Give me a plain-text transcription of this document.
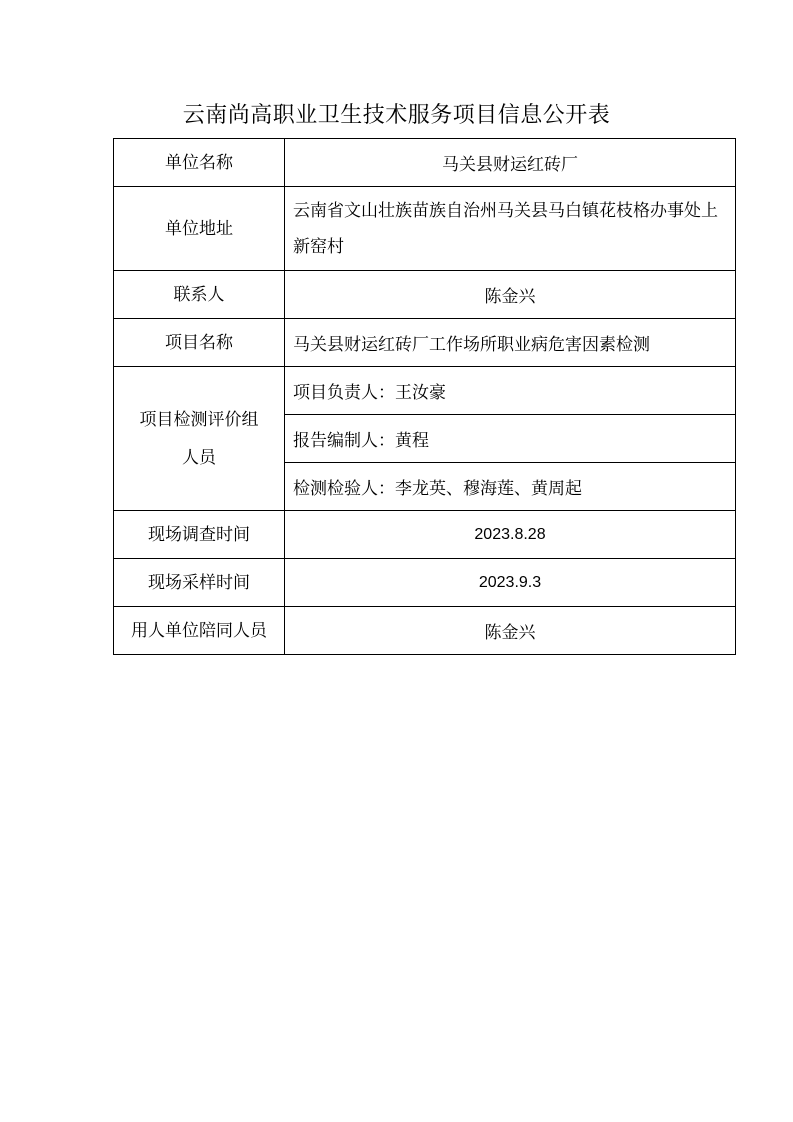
云南尚高职业卫生技术服务项目信息公开表
单位名称	马关县财运红砖厂
单位地址	云南省文山壮族苗族自治州马关县马白镇花枝格办事处上新窑村

联系人	陈金兴
项目名称	马关县财运红砖厂工作场所职业病危害因素检测
项目检测评价组人员	项目负责人：王汝豪
	报告编制人：黄程
	检测检验人：李龙英、穆海莲、黄周起
现场调查时间	2023.8.28
现场采样时间	2023.9.3
用人单位陪同人员	陈金兴
